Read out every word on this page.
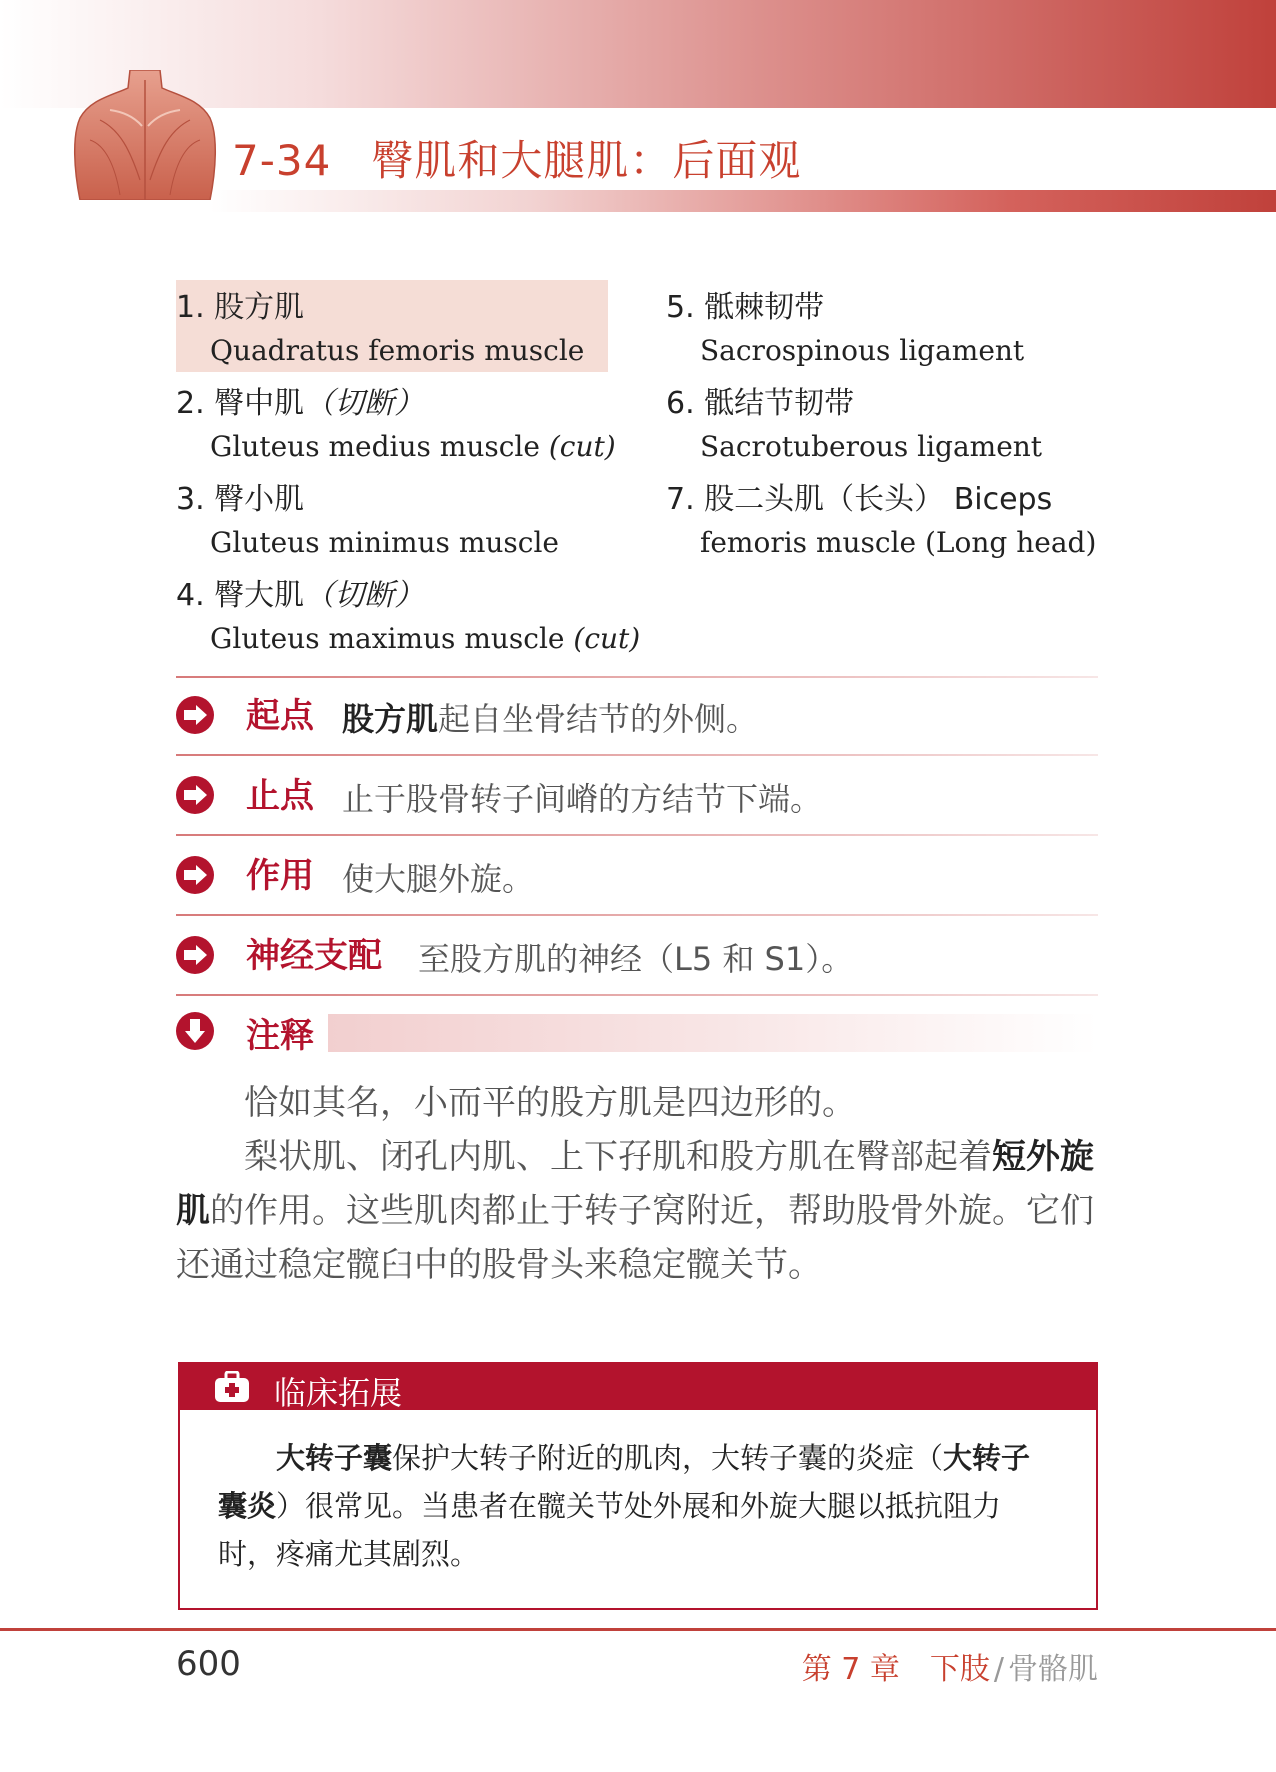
7-34 臀肌和大腿肌：后面观
1. 股方肌
Quadratus femoris muscle
2. 臀中肌（切断）
Gluteus medius muscle (cut)
3. 臀小肌
Gluteus minimus muscle
4. 臀大肌（切断）
Gluteus maximus muscle (cut)
5. 骶棘韧带
Sacrospinous ligament
6. 骶结节韧带
Sacrotuberous ligament
7. 股二头肌（长头） Biceps
femoris muscle (Long head)
起点 股方肌起自坐骨结节的外侧。
止点 止于股骨转子间嵴的方结节下端。
作用 使大腿外旋。
神经支配 至股方肌的神经（L5 和 S1）。
注释
恰如其名，小而平的股方肌是四边形的。
梨状肌、闭孔内肌、上下孖肌和股方肌在臀部起着短外旋肌的作用。这些肌肉都止于转子窝附近，帮助股骨外旋。它们还通过稳定髋臼中的股骨头来稳定髋关节。
临床拓展
大转子囊保护大转子附近的肌肉，大转子囊的炎症（大转子囊炎）很常见。当患者在髋关节处外展和外旋大腿以抵抗阻力时，疼痛尤其剧烈。
600	第 7 章　下肢 / 骨骼肌
